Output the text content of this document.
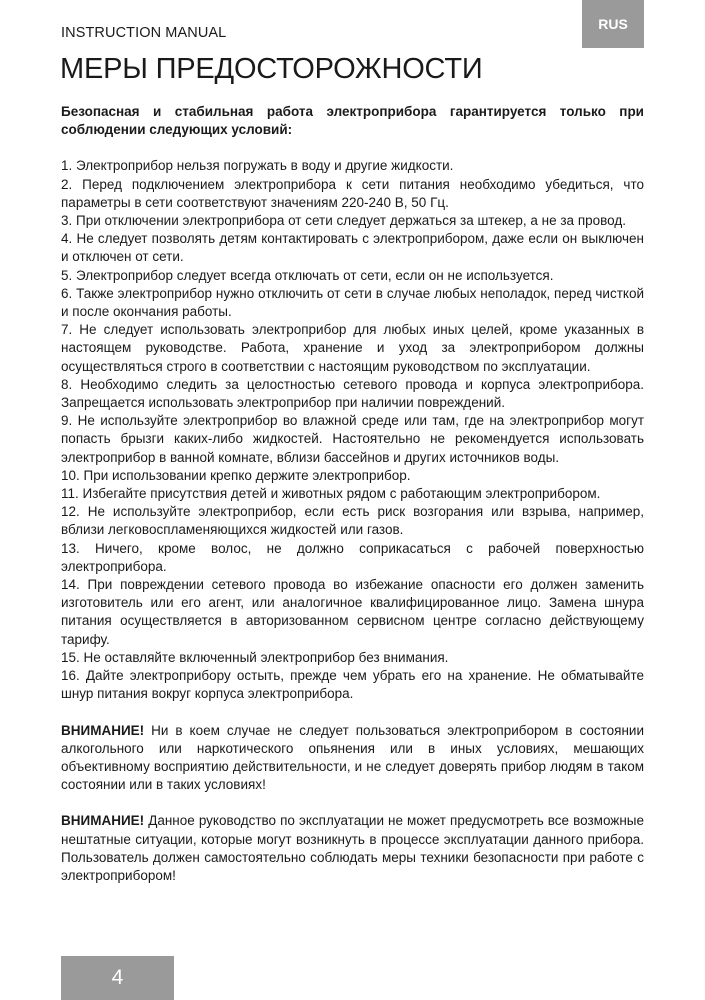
INSTRUCTION MANUAL
RUS
МЕРЫ ПРЕДОСТОРОЖНОСТИ

Безопасная и стабильная работа электроприбора гарантируется только при соблюдении следующих условий:

1. Электроприбор нельзя погружать в воду и другие жидкости.
2. Перед подключением электроприбора к сети питания необходимо убедиться, что параметры в сети соответствуют значениям 220-240 В, 50 Гц.
3. При отключении электроприбора от сети следует держаться за штекер, а не за провод.
4. Не следует позволять детям контактировать с электроприбором, даже если он выключен и отключен от сети.
5. Электроприбор следует всегда отключать от сети, если он не используется.
6. Также электроприбор нужно отключить от сети в случае любых неполадок, перед чисткой и после окончания работы.
7. Не следует использовать электроприбор для любых иных целей, кроме указанных в настоящем руководстве. Работа, хранение и уход за электроприбором должны осуществляться строго в соответствии с настоящим руководством по эксплуатации.
8. Необходимо следить за целостностью сетевого провода и корпуса электроприбора. Запрещается использовать электроприбор при наличии повреждений.
9. Не используйте электроприбор во влажной среде или там, где на электроприбор могут попасть брызги каких-либо жидкостей. Настоятельно не рекомендуется использовать электроприбор в ванной комнате, вблизи бассейнов и других источников воды.
10. При использовании крепко держите электроприбор.
11. Избегайте присутствия детей и животных рядом с работающим электроприбором.
12. Не используйте электроприбор, если есть риск возгорания или взрыва, например, вблизи легковоспламеняющихся жидкостей или газов.
13. Ничего, кроме волос, не должно соприкасаться с рабочей поверхностью электроприбора.
14. При повреждении сетевого провода во избежание опасности его должен заменить изготовитель или его агент, или аналогичное квалифицированное лицо. Замена шнура питания осуществляется в авторизованном сервисном центре согласно действующему тарифу.
15. Не оставляйте включенный электроприбор без внимания.
16. Дайте электроприбору остыть, прежде чем убрать его на хранение. Не обматывайте шнур питания вокруг корпуса электроприбора.

ВНИМАНИЕ! Ни в коем случае не следует пользоваться электроприбором в состоянии алкогольного или наркотического опьянения или в иных условиях, мешающих объективному восприятию действительности, и не следует доверять прибор людям в таком состоянии или в таких условиях!

ВНИМАНИЕ! Данное руководство по эксплуатации не может предусмотреть все возможные нештатные ситуации, которые могут возникнуть в процессе эксплуатации данного прибора. Пользователь должен самостоятельно соблюдать меры техники безопасности при работе с электроприбором!

4
